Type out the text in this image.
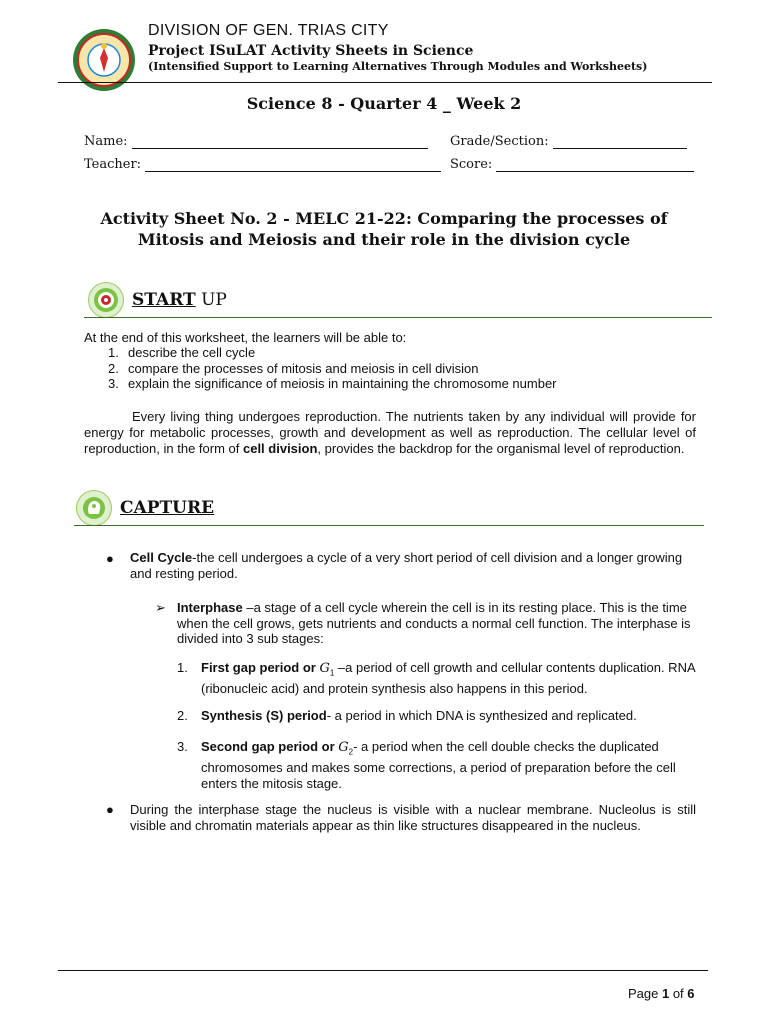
DIVISION OF GEN. TRIAS CITY
Project ISuLAT Activity Sheets in Science
(Intensified Support to Learning Alternatives Through Modules and Worksheets)
Science 8 - Quarter 4 _ Week 2
Name:	Grade/Section:
Teacher:	Score:
Activity Sheet No. 2 - MELC 21-22: Comparing the processes of
Mitosis and Meiosis and their role in the division cycle
START UP
At the end of this worksheet, the learners will be able to:
1. describe the cell cycle
2. compare the processes of mitosis and meiosis in cell division
3. explain the significance of meiosis in maintaining the chromosome number
Every living thing undergoes reproduction. The nutrients taken by any individual will provide for energy for metabolic processes, growth and development as well as reproduction. The cellular level of reproduction, in the form of cell division, provides the backdrop for the organismal level of reproduction.
CAPTURE
● Cell Cycle-the cell undergoes a cycle of a very short period of cell division and a longer growing and resting period.
➢ Interphase –a stage of a cell cycle wherein the cell is in its resting place. This is the time when the cell grows, gets nutrients and conducts a normal cell function. The interphase is divided into 3 sub stages:
1. First gap period or $G_1$ –a period of cell growth and cellular contents duplication. RNA (ribonucleic acid) and protein synthesis also happens in this period.
2. Synthesis (S) period- a period in which DNA is synthesized and replicated.
3. Second gap period or $G_2-$ a period when the cell double checks the duplicated chromosomes and makes some corrections, a period of preparation before the cell enters the mitosis stage.
● During the interphase stage the nucleus is visible with a nuclear membrane. Nucleolus is still visible and chromatin materials appear as thin like structures disappeared in the nucleus.
Page 1 of 6
